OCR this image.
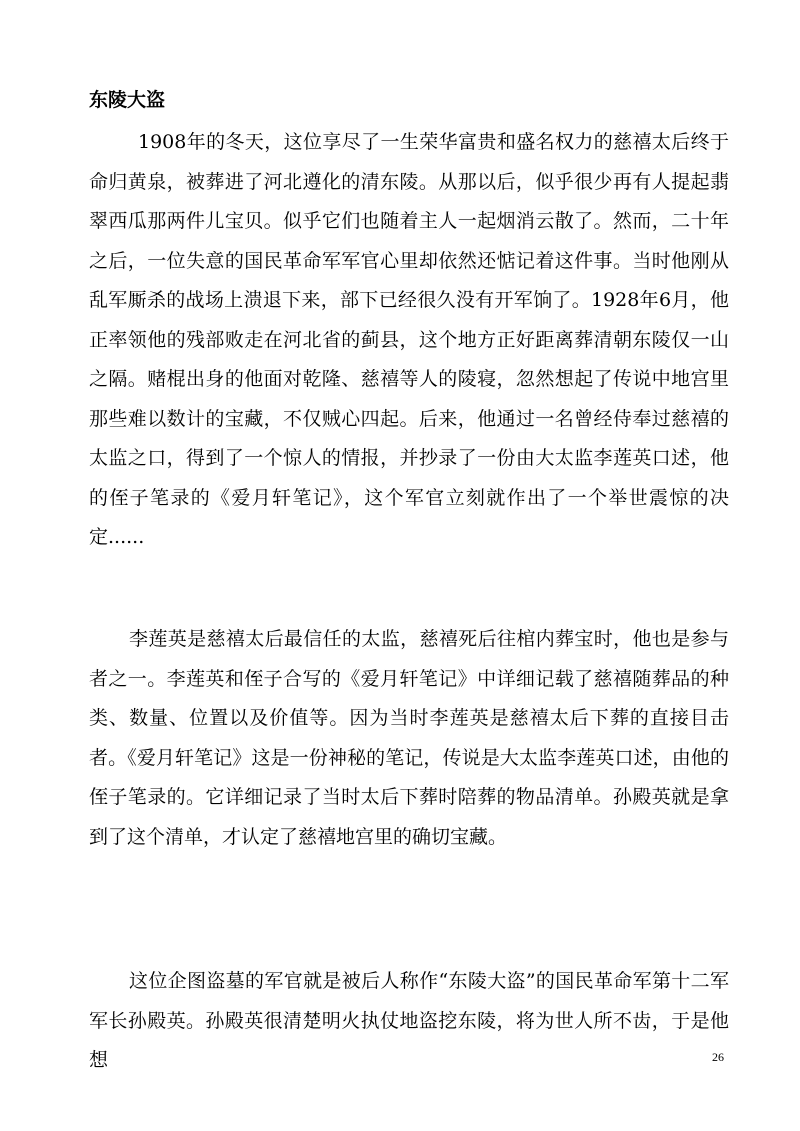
东陵大盗

1908年的冬天，这位享尽了一生荣华富贵和盛名权力的慈禧太后终于命归黄泉，被葬进了河北遵化的清东陵。从那以后，似乎很少再有人提起翡翠西瓜那两件儿宝贝。似乎它们也随着主人一起烟消云散了。然而，二十年之后，一位失意的国民革命军军官心里却依然还惦记着这件事。当时他刚从乱军厮杀的战场上溃退下来，部下已经很久没有开军饷了。1928年6月，他正率领他的残部败走在河北省的蓟县，这个地方正好距离葬清朝东陵仅一山之隔。赌棍出身的他面对乾隆、慈禧等人的陵寝，忽然想起了传说中地宫里那些难以数计的宝藏，不仅贼心四起。后来，他通过一名曾经侍奉过慈禧的太监之口，得到了一个惊人的情报，并抄录了一份由大太监李莲英口述，他的侄子笔录的《爱月轩笔记》，这个军官立刻就作出了一个举世震惊的决定......

李莲英是慈禧太后最信任的太监，慈禧死后往棺内葬宝时，他也是参与者之一。李莲英和侄子合写的《爱月轩笔记》中详细记载了慈禧随葬品的种类、数量、位置以及价值等。因为当时李莲英是慈禧太后下葬的直接目击者。《爱月轩笔记》这是一份神秘的笔记，传说是大太监李莲英口述，由他的侄子笔录的。它详细记录了当时太后下葬时陪葬的物品清单。孙殿英就是拿到了这个清单，才认定了慈禧地宫里的确切宝藏。

这位企图盗墓的军官就是被后人称作“东陵大盗”的国民革命军第十二军军长孙殿英。孙殿英很清楚明火执仗地盗挖东陵，将为世人所不齿，于是他想	26
